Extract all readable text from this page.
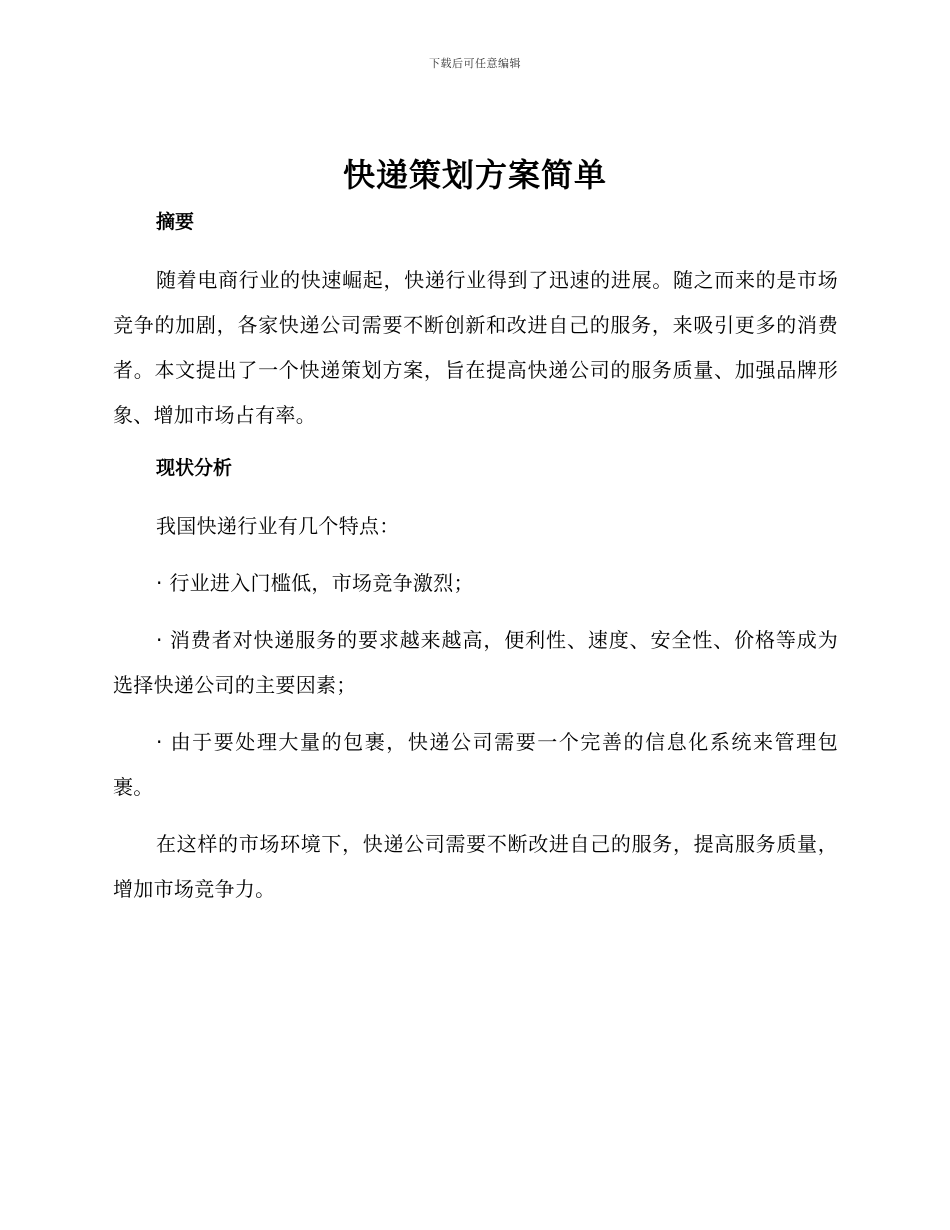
下载后可任意编辑
快递策划方案简单

摘要

随着电商行业的快速崛起，快递行业得到了迅速的进展。随之而来的是市场竞争的加剧，各家快递公司需要不断创新和改进自己的服务，来吸引更多的消费者。本文提出了一个快递策划方案，旨在提高快递公司的服务质量、加强品牌形象、增加市场占有率。

现状分析

我国快递行业有几个特点：

· 行业进入门槛低，市场竞争激烈；

· 消费者对快递服务的要求越来越高，便利性、速度、安全性、价格等成为选择快递公司的主要因素；

· 由于要处理大量的包裹，快递公司需要一个完善的信息化系统来管理包裹。

在这样的市场环境下，快递公司需要不断改进自己的服务，提高服务质量，增加市场竞争力。
